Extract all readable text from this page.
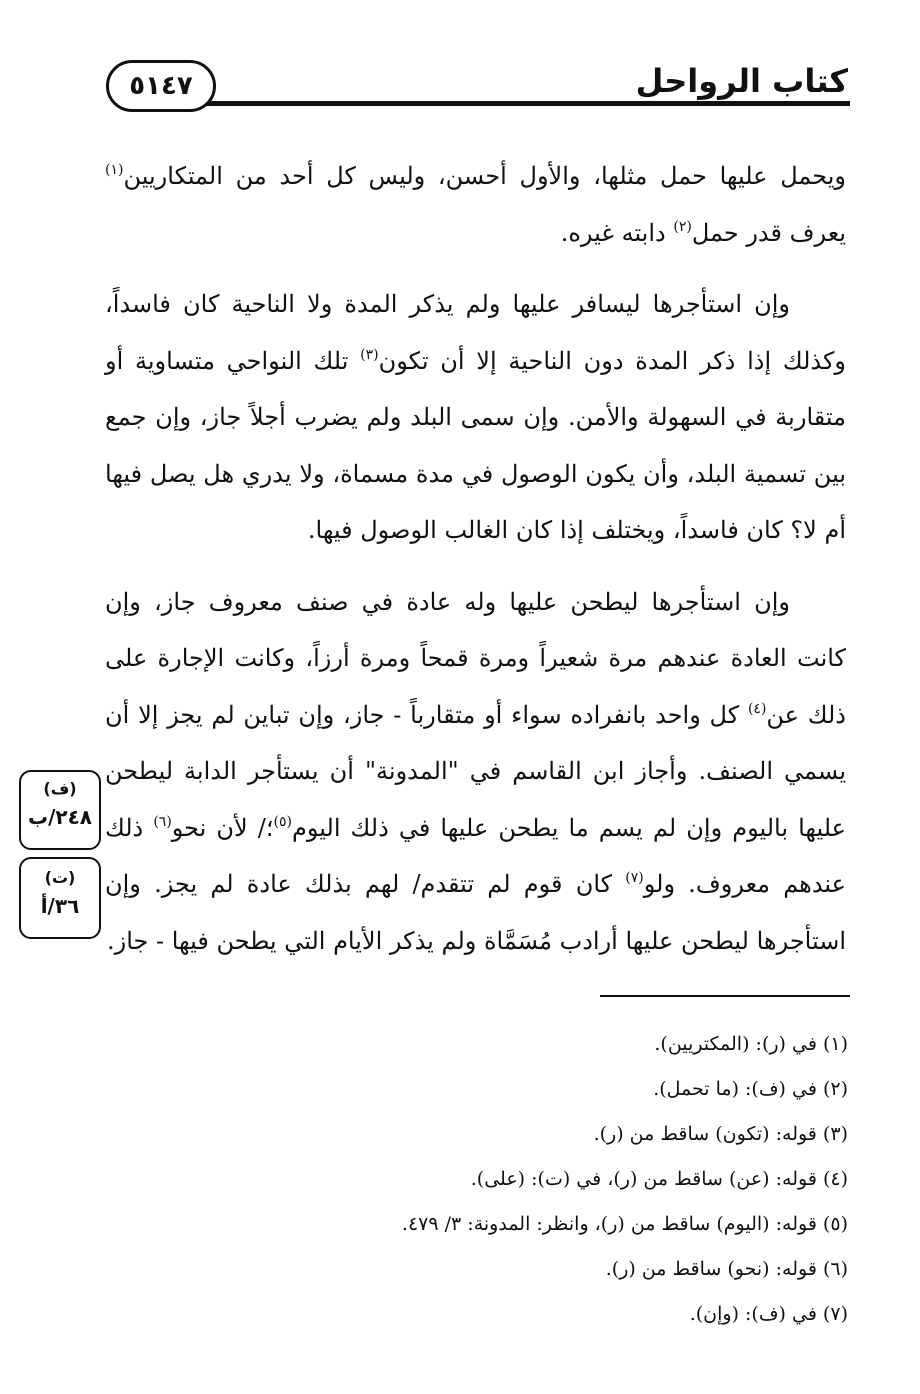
كتاب الرواحل
٥١٤٧

ويحمل عليها حمل مثلها، والأول أحسن، وليس كل أحد من المتكاريين$^{(١)}$ يعرف قدر حمل$^{(٢)}$ دابته غيره.

وإن استأجرها ليسافر عليها ولم يذكر المدة ولا الناحية كان فاسداً، وكذلك إذا ذكر المدة دون الناحية إلا أن تكون$^{(٣)}$ تلك النواحي متساوية أو متقاربة في السهولة والأمن. وإن سمى البلد ولم يضرب أجلاً جاز، وإن جمع بين تسمية البلد، وأن يكون الوصول في مدة مسماة، ولا يدري هل يصل فيها أم لا؟ كان فاسداً، ويختلف إذا كان الغالب الوصول فيها.

وإن استأجرها ليطحن عليها وله عادة في صنف معروف جاز، وإن كانت العادة عندهم مرة شعيراً ومرة قمحاً ومرة أرزاً، وكانت الإجارة على ذلك عن$^{(٤)}$ كل واحد بانفراده سواء أو متقارباً - جاز، وإن تباين لم يجز إلا أن يسمي الصنف. وأجاز ابن القاسم في "المدونة" أن يستأجر الدابة ليطحن عليها باليوم وإن لم يسم ما يطحن عليها في ذلك اليوم$^{(٥)}$؛/ لأن نحو$^{(٦)}$ ذلك عندهم معروف. ولو$^{(٧)}$ كان قوم لم تتقدم/ لهم بذلك عادة لم يجز. وإن استأجرها ليطحن عليها أرادب مُسَمَّاة ولم يذكر الأيام التي يطحن فيها - جاز.

(ف)
٢٤٨/ب
(ت)
٣٦/أ
(١) في (ر): (المكتريين).
(٢) في (ف): (ما تحمل).
(٣) قوله: (تكون) ساقط من (ر).
(٤) قوله: (عن) ساقط من (ر)، في (ت): (على).
(٥) قوله: (اليوم) ساقط من (ر)، وانظر: المدونة: ٣/ ٤٧٩.
(٦) قوله: (نحو) ساقط من (ر).
(٧) في (ف): (وإن).
